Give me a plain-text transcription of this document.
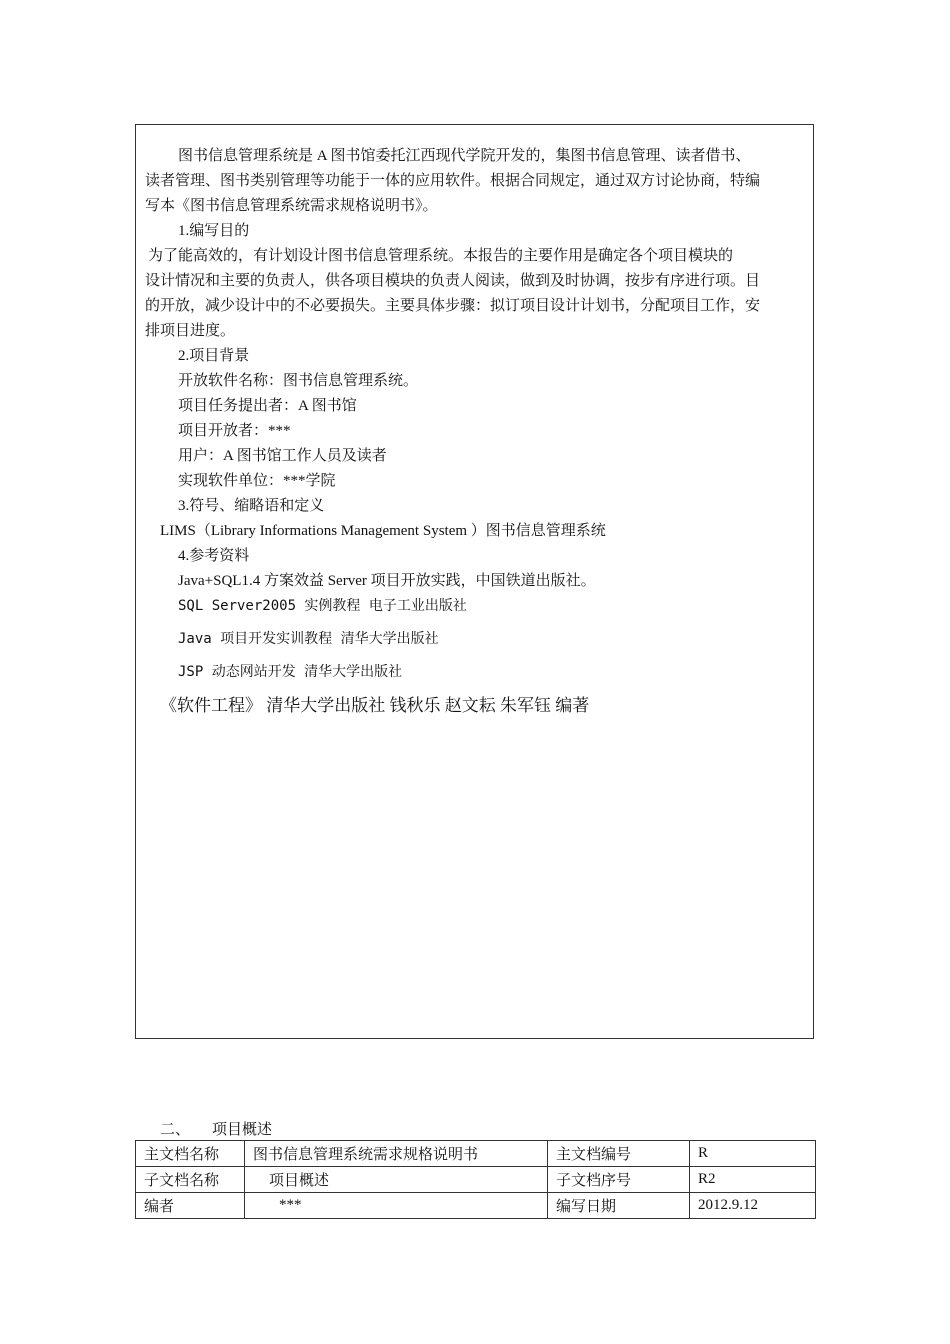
图书信息管理系统是 A 图书馆委托江西现代学院开发的，集图书信息管理、读者借书、
读者管理、图书类别管理等功能于一体的应用软件。根据合同规定，通过双方讨论协商，特编
写本《图书信息管理系统需求规格说明书》。
1.编写目的
为了能高效的，有计划设计图书信息管理系统。本报告的主要作用是确定各个项目模块的
设计情况和主要的负责人，供各项目模块的负责人阅读，做到及时协调，按步有序进行项。目
的开放，减少设计中的不必要损失。主要具体步骤：拟订项目设计计划书，分配项目工作，安
排项目进度。
2.项目背景
开放软件名称：图书信息管理系统。
项目任务提出者：A 图书馆
项目开放者：***
用户：A 图书馆工作人员及读者
实现软件单位：***学院
3.符号、缩略语和定义
LIMS（Library Informations Management System ）图书信息管理系统
4.参考资料
Java+SQL1.4 方案效益 Server 项目开放实践，中国铁道出版社。
SQL Server2005 实例教程 电子工业出版社
Java 项目开发实训教程 清华大学出版社
JSP 动态网站开发 清华大学出版社
《软件工程》 清华大学出版社 钱秋乐 赵文耘 朱军钰 编著
二、 项目概述
主文档名称	图书信息管理系统需求规格说明书	主文档编号	R
子文档名称	项目概述	子文档序号	R2
编者	***	编写日期	2012.9.12
